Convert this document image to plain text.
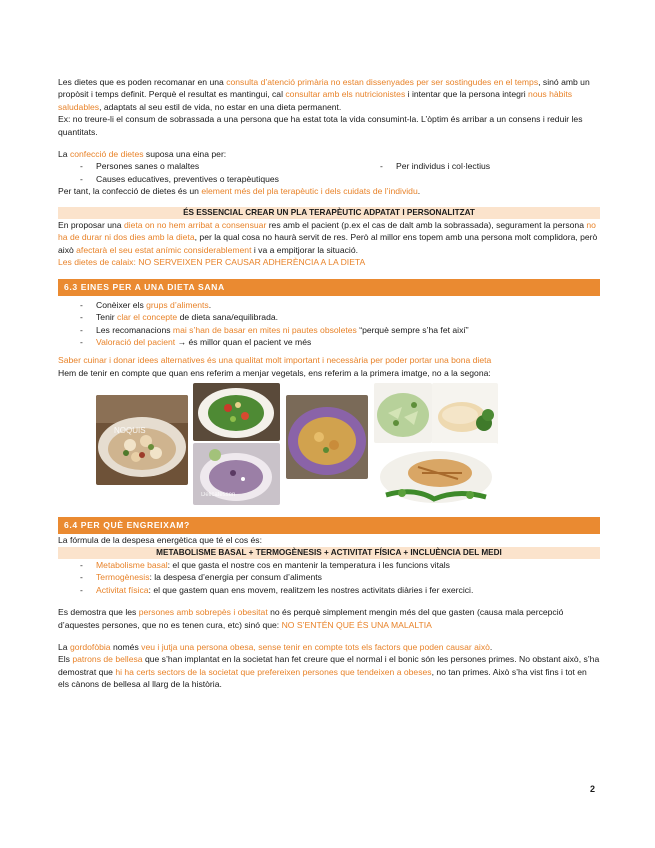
Les dietes que es poden recomanar en una consulta d’atenció primària no estan dissenyades per ser sostingudes en el temps, sinó amb un propòsit i temps definit. Perquè el resultat es mantingui, cal consultar amb els nutricionistes i intentar que la persona integri nous hàbits saludables, adaptats al seu estil de vida, no estar en una dieta permanent.

Ex: no treure-li el consum de sobrassada a una persona que ha estat tota la vida consumint-la. L’òptim és arribar a un consens i reduir les quantitats.

La confecció de dietes suposa una eina per:

- Persones sanes o malaltes
- Causes educatives, preventives o terapèutiques
- Per individus i col·lectius

Per tant, la confecció de dietes és un element més del pla terapèutic i dels cuidats de l’individu.

ÉS ESSENCIAL CREAR UN PLA TERAPÈUTIC ADPATAT I PERSONALITZAT

En proposar una dieta on no hem arribat a consensuar res amb el pacient (p.ex el cas de dalt amb la sobrassada), segurament la persona no ha de durar ni dos dies amb la dieta, per la qual cosa no haurà servit de res. Però al millor ens topem amb una persona molt complidora, però això afectarà el seu estat anímic considerablement i va a empitjorar la situació.

Les dietes de calaix: NO SERVEIXEN PER CAUSAR ADHERÈNCIA A LA DIETA

6.3 EINES PER A UNA DIETA SANA
- Conèixer els grups d’aliments.
- Tenir clar el concepte de dieta sana/equilibrada.
- Les recomanacions mai s’han de basar en mites ni pautes obsoletes “perquè sempre s’ha fet així”
- Valoració del pacient → és millor quan el pacient ve més

Saber cuinar i donar idees alternatives és una qualitat molt important i necessària per poder portar una bona dieta

Hem de tenir en compte que quan ens referim a menjar vegetals, ens referim a la primera imatge, no a la segona:

NOQUIS
Delicatessen
6.4 PER QUÈ ENGREIXAM?

La fórmula de la despesa energètica que té el cos és:

METABOLISME BASAL + TERMOGÈNESIS + ACTIVITAT FÍSICA + INCLUÈNCIA DEL MEDI
- Metabolisme basal: el que gasta el nostre cos en mantenir la temperatura i les funcions vitals
- Termogènesis: la despesa d’energia per consum d’aliments
- Activitat física: el que gastem quan ens movem, realitzem les nostres activitats diàries i fer exercici.

Es demostra que les persones amb sobrepès i obesitat no és perquè simplement mengin més del que gasten (causa mala percepció d’aquestes persones, que no es tenen cura, etc) sinó que: NO S’ENTÉN QUE ÉS UNA MALALTIA

La gordofòbia només veu i jutja una persona obesa, sense tenir en compte tots els factors que poden causar això.

Els patrons de bellesa que s’han implantat en la societat han fet creure que el normal i el bonic són les persones primes. No obstant això, s’ha demostrat que hi ha certs sectors de la societat que prefereixen persones que tendeixen a obeses, no tan primes. Això s’ha vist fins i tot en els cànons de bellesa al llarg de la història.

2
